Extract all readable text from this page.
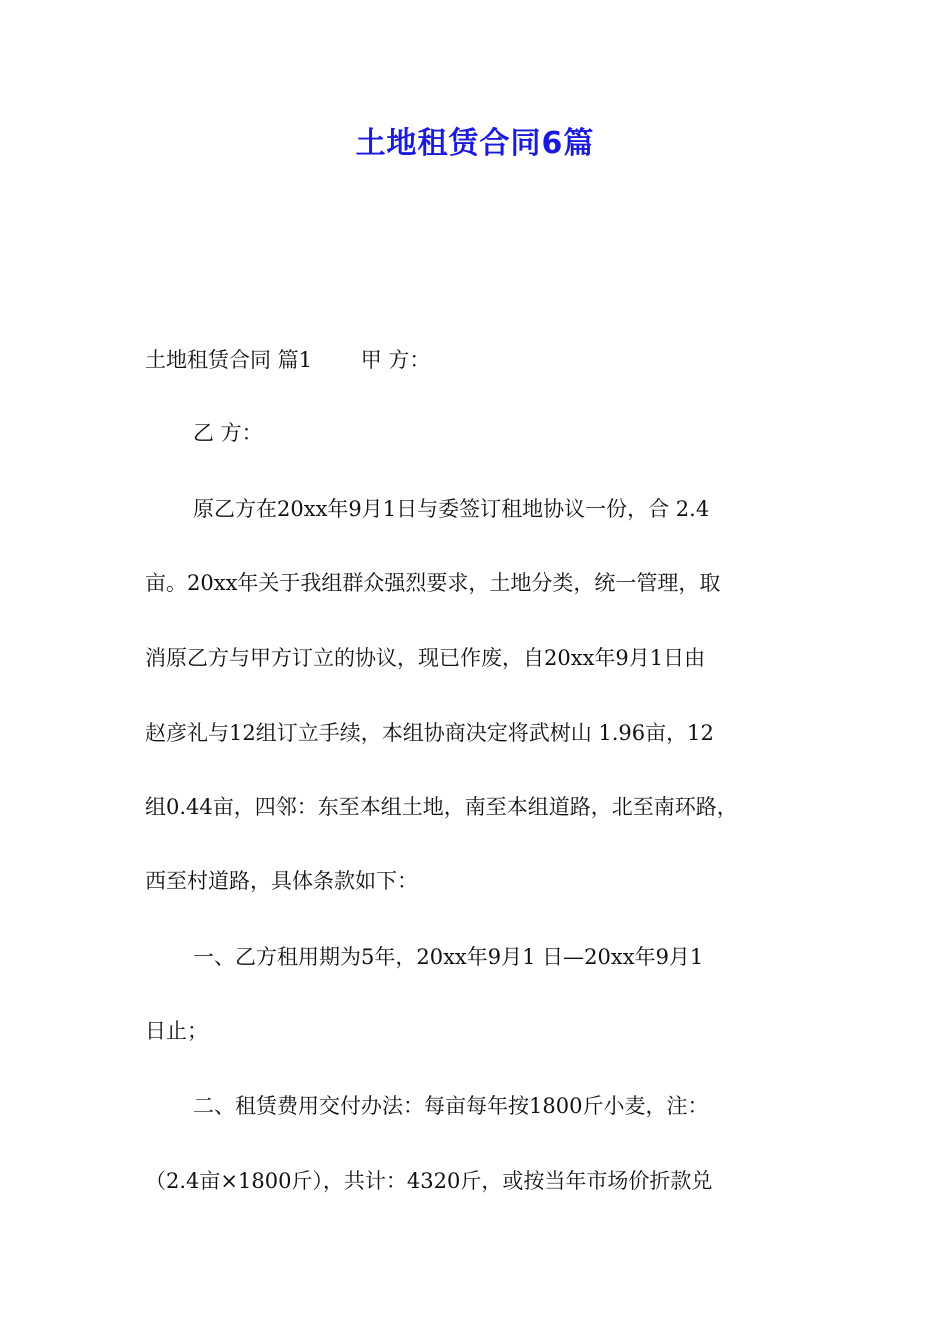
土地租赁合同6篇
土地租赁合同 篇1　　 甲 方：
乙 方：
原乙方在20xx年9月1日与委签订租地协议一份，合 2.4
亩。20xx年关于我组群众强烈要求，土地分类，统一管理，取
消原乙方与甲方订立的协议，现已作废，自20xx年9月1日由
赵彦礼与12组订立手续，本组协商决定将武树山 1.96亩，12
组0.44亩，四邻：东至本组土地，南至本组道路，北至南环路，
西至村道路，具体条款如下：
一、乙方租用期为5年，20xx年9月1 日—20xx年9月1
日止；
二、租赁费用交付办法：每亩每年按1800斤小麦，注：
（2.4亩×1800斤），共计：4320斤，或按当年市场价折款兑
